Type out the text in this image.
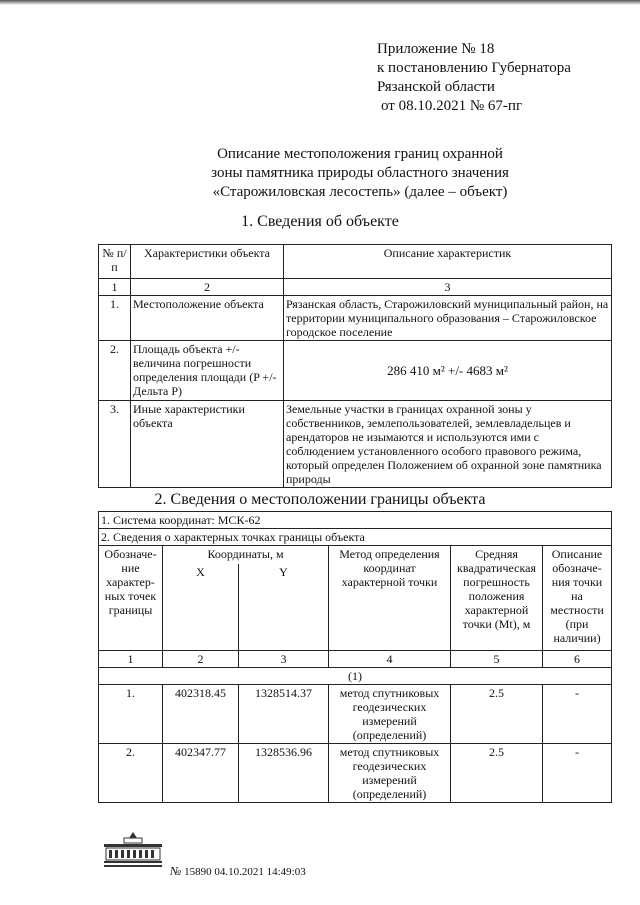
Приложение № 18
к постановлению Губернатора
Рязанской области
от 08.10.2021 № 67-пг
Описание местоположения границ охранной
зоны памятника природы областного значения
«Старожиловская лесостепь» (далее – объект)
1. Сведения об объекте
№ п/п	Характеристики объекта	Описание характеристик
1	2	3
1.	Местоположение объекта	Рязанская область, Старожиловский муниципальный район, на территории муниципального образования – Старожиловское городское поселение
2.	Площадь объекта +/- величина погрешности определения площади (P +/- Дельта P)	286 410 м² +/- 4683 м²
3.	Иные характеристики объекта	Земельные участки в границах охранной зоны у собственников, землепользователей, землевладельцев и арендаторов не изымаются и используются ими с соблюдением установленного особого правового режима, который определен Положением об охранной зоне памятника природы
2. Сведения о местоположении границы объекта
1. Система координат: МСК-62					
2. Сведения о характерных точках границы объекта					
Обозначе-ние характер-ных точек границы	Координаты, м		Метод определения координат характерной точки	Средняя квадратическая погрешность положения характерной точки (Mt), м	Описание обозначе-ния точки на местности (при наличии)
	X	Y			
1	2	3	4	5	6
(1)					
1.	402318.45	1328514.37	метод спутниковых геодезических измерений (определений)	2.5	-
2.	402347.77	1328536.96	метод спутниковых геодезических измерений (определений)	2.5	-
№ 15890 04.10.2021 14:49:03
